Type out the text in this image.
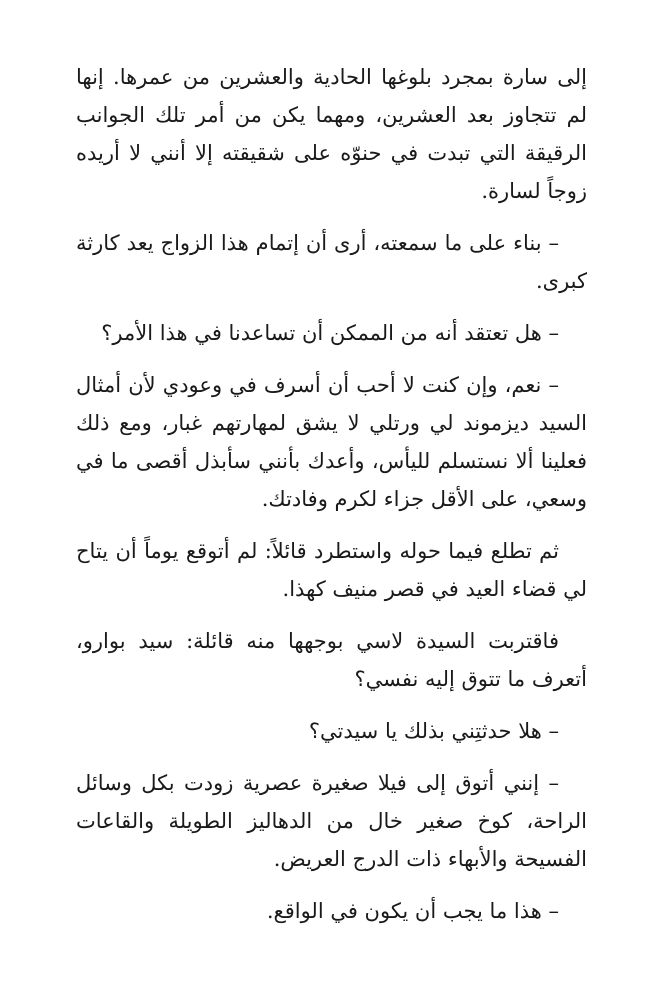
إلى سارة بمجرد بلوغها الحادية والعشرين من عمرها. إنها لم تتجاوز بعد العشرين، ومهما يكن من أمر تلك الجوانب الرقيقة التي تبدت في حنوّه على شقيقته إلا أنني لا أريده زوجاً لسارة.

– بناء على ما سمعته، أرى أن إتمام هذا الزواج يعد كارثة كبرى.

– هل تعتقد أنه من الممكن أن تساعدنا في هذا الأمر؟

– نعم، وإن كنت لا أحب أن أسرف في وعودي لأن أمثال السيد ديزموند لي ورتلي لا يشق لمهارتهم غبار، ومع ذلك فعلينا ألا نستسلم لليأس، وأعدك بأنني سأبذل أقصى ما في وسعي، على الأقل جزاء لكرم وفادتك.

ثم تطلع فيما حوله واستطرد قائلاً: لم أتوقع يوماً أن يتاح لي قضاء العيد في قصر منيف كهذا.

فاقتربت السيدة لاسي بوجهها منه قائلة: سيد بوارو، أتعرف ما تتوق إليه نفسي؟

– هلا حدثتِني بذلك يا سيدتي؟

– إنني أتوق إلى فيلا صغيرة عصرية زودت بكل وسائل الراحة، كوخ صغير خال من الدهاليز الطويلة والقاعات الفسيحة والأبهاء ذات الدرج العريض.

– هذا ما يجب أن يكون في الواقع.
